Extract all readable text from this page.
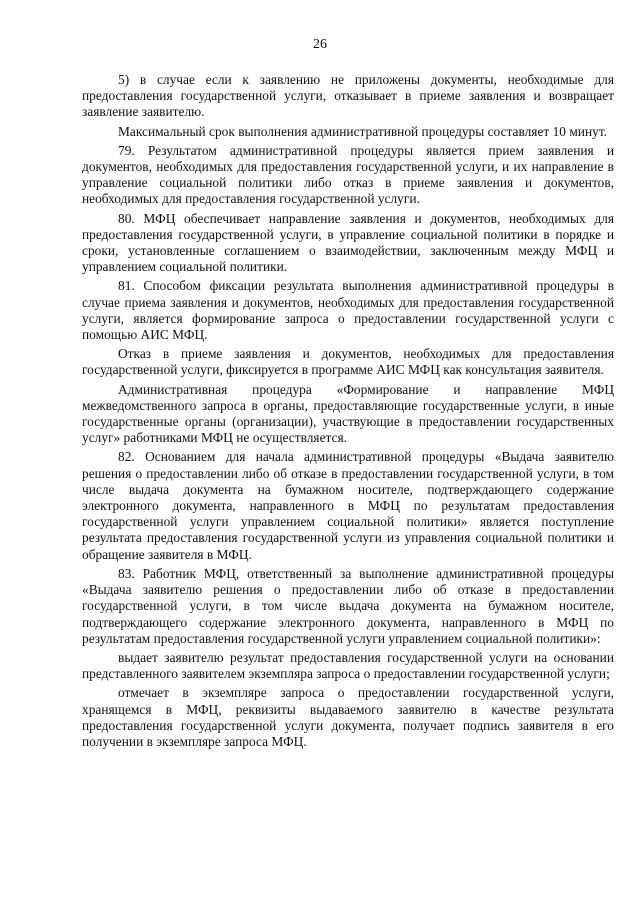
26

5) в случае если к заявлению не приложены документы, необходимые для предоставления государственной услуги, отказывает в приеме заявления и возвращает заявление заявителю.

Максимальный срок выполнения административной процедуры составляет 10 минут.

79. Результатом административной процедуры является прием заявления и документов, необходимых для предоставления государственной услуги, и их направление в управление социальной политики либо отказ в приеме заявления и документов, необходимых для предоставления государственной услуги.

80. МФЦ обеспечивает направление заявления и документов, необходимых для предоставления государственной услуги, в управление социальной политики в порядке и сроки, установленные соглашением о взаимодействии, заключенным между МФЦ и управлением социальной политики.

81. Способом фиксации результата выполнения административной процедуры в случае приема заявления и документов, необходимых для предоставления государственной услуги, является формирование запроса о предоставлении государственной услуги с помощью АИС МФЦ.

Отказ в приеме заявления и документов, необходимых для предоставления государственной услуги, фиксируется в программе АИС МФЦ как консультация заявителя.

Административная процедура «Формирование и направление МФЦ межведомственного запроса в органы, предоставляющие государственные услуги, в иные государственные органы (организации), участвующие в предоставлении государственных услуг» работниками МФЦ не осуществляется.

82. Основанием для начала административной процедуры «Выдача заявителю решения о предоставлении либо об отказе в предоставлении государственной услуги, в том числе выдача документа на бумажном носителе, подтверждающего содержание электронного документа, направленного в МФЦ по результатам предоставления государственной услуги управлением социальной политики» является поступление результата предоставления государственной услуги из управления социальной политики и обращение заявителя в МФЦ.

83. Работник МФЦ, ответственный за выполнение административной процедуры «Выдача заявителю решения о предоставлении либо об отказе в предоставлении государственной услуги, в том числе выдача документа на бумажном носителе, подтверждающего содержание электронного документа, направленного в МФЦ по результатам предоставления государственной услуги управлением социальной политики»:

выдает заявителю результат предоставления государственной услуги на основании представленного заявителем экземпляра запроса о предоставлении государственной услуги;

отмечает в экземпляре запроса о предоставлении государственной услуги, хранящемся в МФЦ, реквизиты выдаваемого заявителю в качестве результата предоставления государственной услуги документа, получает подпись заявителя в его получении в экземпляре запроса МФЦ.
